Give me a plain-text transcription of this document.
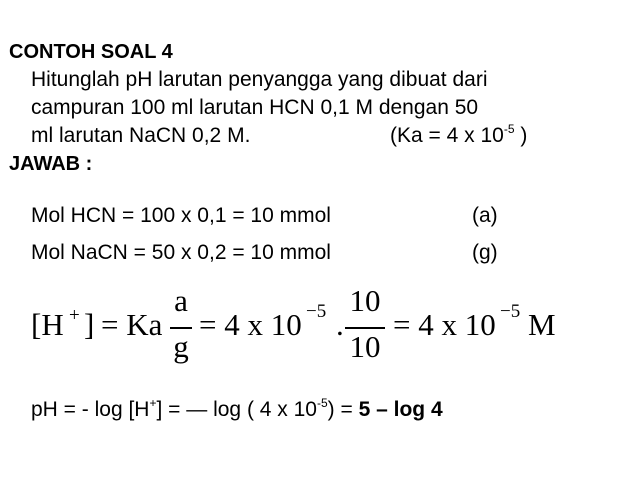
CONTOH SOAL 4
Hitunglah pH larutan penyangga yang dibuat dari
campuran 100 ml larutan HCN 0,1 M dengan 50
ml larutan NaCN 0,2 M.	(Ka = 4 x $10^{-5}$ )
JAWAB :
Mol HCN = 100 x 0,1 = 10 mmol	(a)
Mol NaCN = 50 x 0,2 = 10 mmol	(g)
[H + ] = Ka
a
g
= 4 x 10 −5 .
10
10
= 4 x 10 −5 M
pH = - log [H+] = — log ( 4 x $10^{-5}) = 5 - \log 4$
